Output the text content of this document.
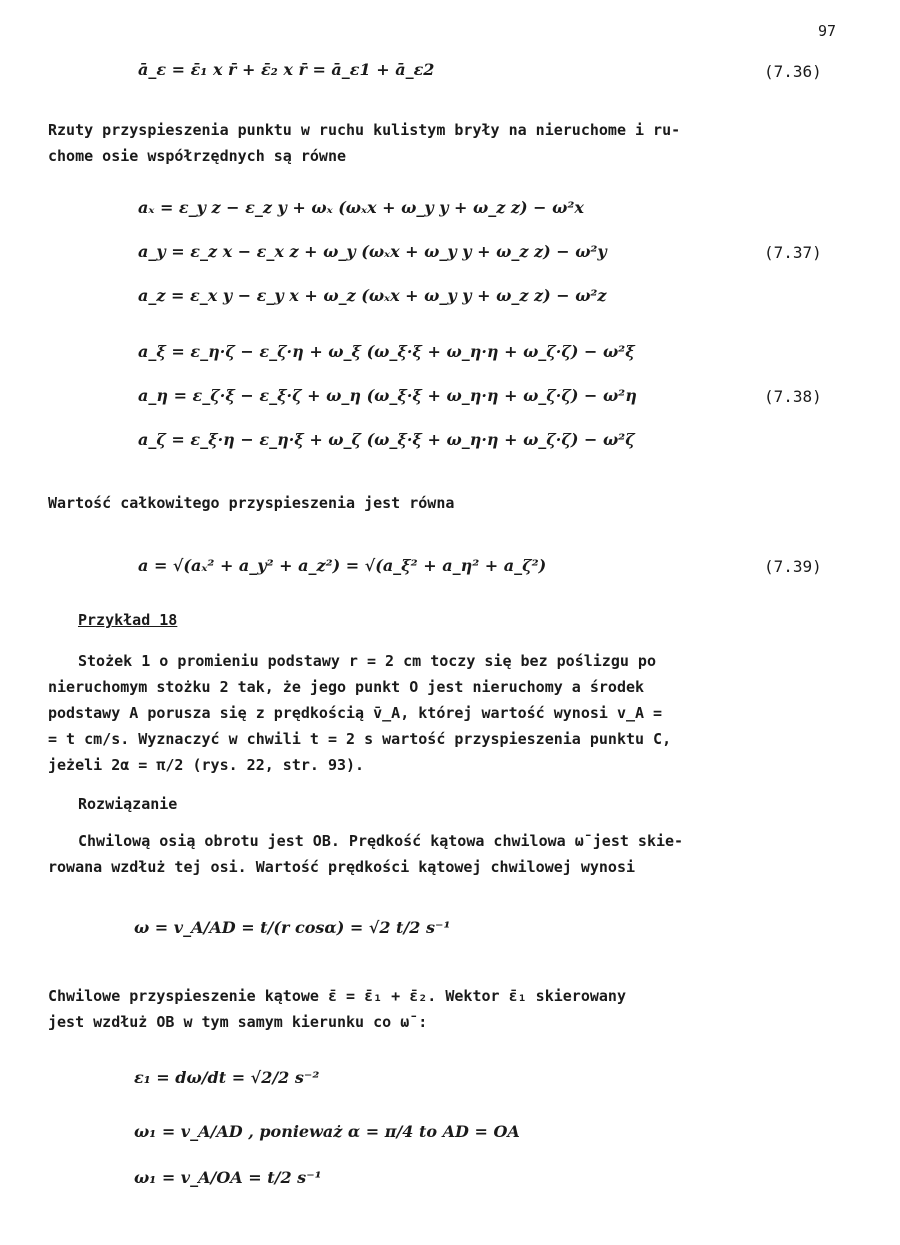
97
ā_ε = ε̄₁ x r̄ + ε̄₂ x r̄ = ā_ε1 + ā_ε2	(7.36)
Rzuty przyspieszenia punktu w ruchu kulistym bryły na nieruchome i ru-
chome osie współrzędnych są równe
aₓ = ε_y z − ε_z y + ωₓ (ωₓx + ω_y y + ω_z z) − ω²x
a_y = ε_z x − ε_x z + ω_y (ωₓx + ω_y y + ω_z z) − ω²y
a_z = ε_x y − ε_y x + ω_z (ωₓx + ω_y y + ω_z z) − ω²z
(7.37)
a_ξ = ε_η·ζ − ε_ζ·η + ω_ξ (ω_ξ·ξ + ω_η·η + ω_ζ·ζ) − ω²ξ
a_η = ε_ζ·ξ − ε_ξ·ζ + ω_η (ω_ξ·ξ + ω_η·η + ω_ζ·ζ) − ω²η
a_ζ = ε_ξ·η − ε_η·ξ + ω_ζ (ω_ξ·ξ + ω_η·η + ω_ζ·ζ) − ω²ζ
(7.38)
Wartość całkowitego przyspieszenia jest równa
a = √(aₓ² + a_y² + a_z²) = √(a_ξ² + a_η² + a_ζ²)	(7.39)
Przykład 18
Stożek 1 o promieniu podstawy r = 2 cm toczy się bez poślizgu po
nieruchomym stożku 2 tak, że jego punkt O jest nieruchomy a środek
podstawy A porusza się z prędkością v̄_A, której wartość wynosi v_A =
= t cm/s. Wyznaczyć w chwili t = 2 s wartość przyspieszenia punktu C,
jeżeli 2α = π/2 (rys. 22, str. 93).
Rozwiązanie
Chwilową osią obrotu jest OB. Prędkość kątowa chwilowa ω̄ jest skie-
rowana wzdłuż tej osi. Wartość prędkości kątowej chwilowej wynosi
ω = v_A/AD = t/(r cosα) = √2 t/2 s⁻¹
Chwilowe przyspieszenie kątowe ε̄ = ε̄₁ + ε̄₂. Wektor ε̄₁ skierowany
jest wzdłuż OB w tym samym kierunku co ω̄ :
ε₁ = dω/dt = √2/2 s⁻²
ω₁ = v_A/AD , ponieważ α = π/4 to AD = OA
ω₁ = v_A/OA = t/2 s⁻¹
